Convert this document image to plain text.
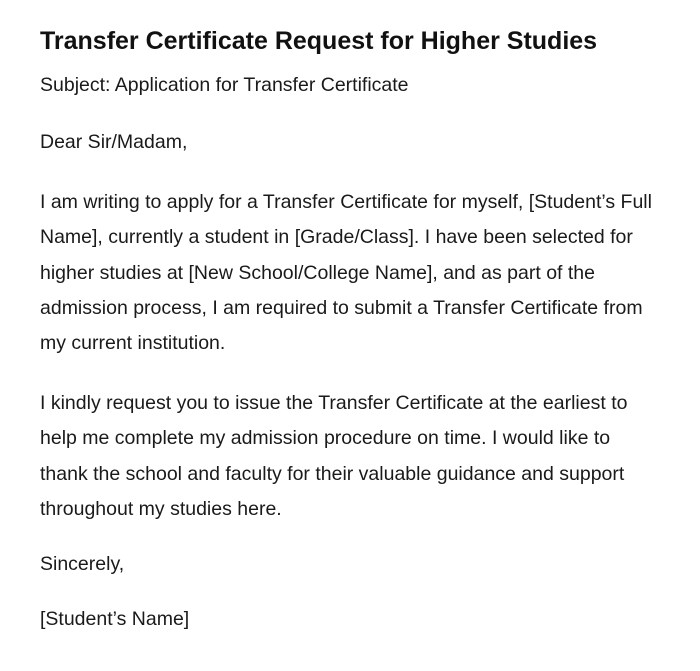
Transfer Certificate Request for Higher Studies

Subject: Application for Transfer Certificate

Dear Sir/Madam,

I am writing to apply for a Transfer Certificate for myself, [Student’s Full Name], currently a student in [Grade/Class]. I have been selected for higher studies at [New School/College Name], and as part of the admission process, I am required to submit a Transfer Certificate from my current institution.

I kindly request you to issue the Transfer Certificate at the earliest to help me complete my admission procedure on time. I would like to thank the school and faculty for their valuable guidance and support throughout my studies here.

Sincerely,

[Student’s Name]
